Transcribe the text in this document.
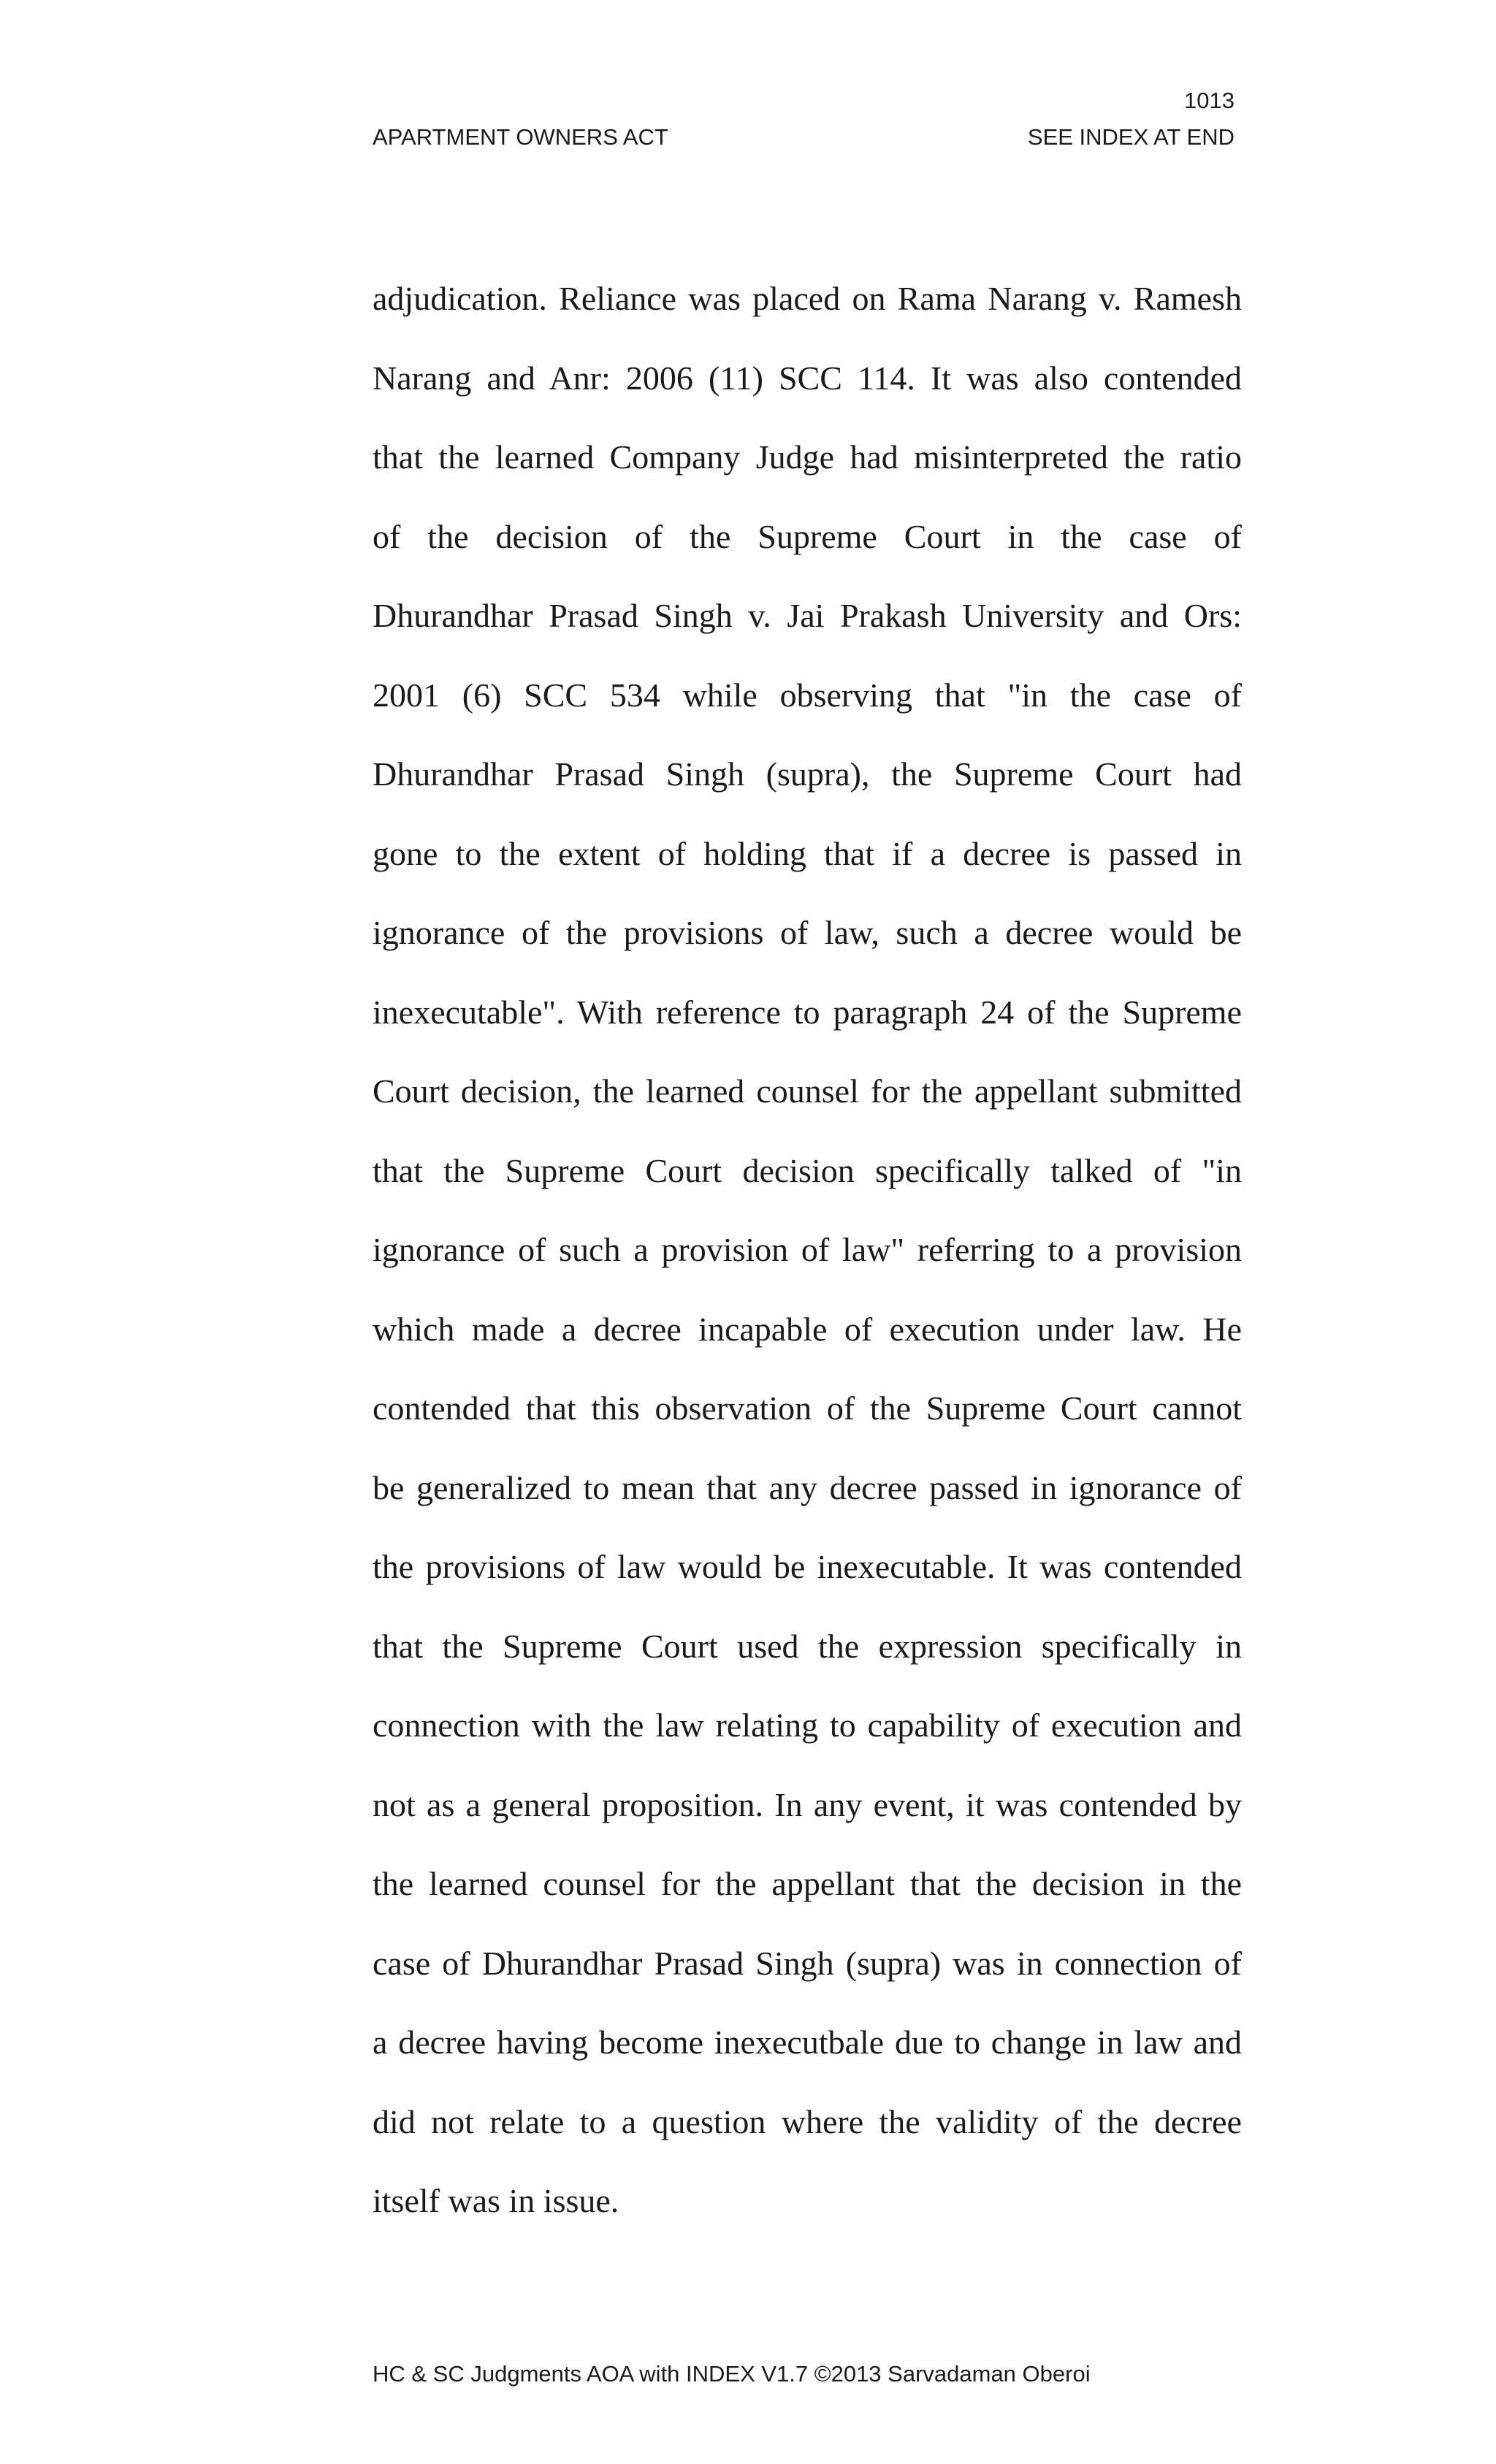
1013
APARTMENT OWNERS ACT	SEE INDEX AT END
adjudication. Reliance was placed on Rama Narang v. Ramesh
Narang and Anr: 2006 (11) SCC 114. It was also contended
that the learned Company Judge had misinterpreted the ratio
of the decision of the Supreme Court in the case of
Dhurandhar Prasad Singh v. Jai Prakash University and Ors:
2001 (6) SCC 534 while observing that "in the case of
Dhurandhar Prasad Singh (supra), the Supreme Court had
gone to the extent of holding that if a decree is passed in
ignorance of the provisions of law, such a decree would be
inexecutable". With reference to paragraph 24 of the Supreme
Court decision, the learned counsel for the appellant submitted
that the Supreme Court decision specifically talked of "in
ignorance of such a provision of law" referring to a provision
which made a decree incapable of execution under law. He
contended that this observation of the Supreme Court cannot
be generalized to mean that any decree passed in ignorance of
the provisions of law would be inexecutable. It was contended
that the Supreme Court used the expression specifically in
connection with the law relating to capability of execution and
not as a general proposition. In any event, it was contended by
the learned counsel for the appellant that the decision in the
case of Dhurandhar Prasad Singh (supra) was in connection of
a decree having become inexecutbale due to change in law and
did not relate to a question where the validity of the decree
itself was in issue.
HC & SC Judgments AOA with INDEX V1.7 ©2013 Sarvadaman Oberoi
